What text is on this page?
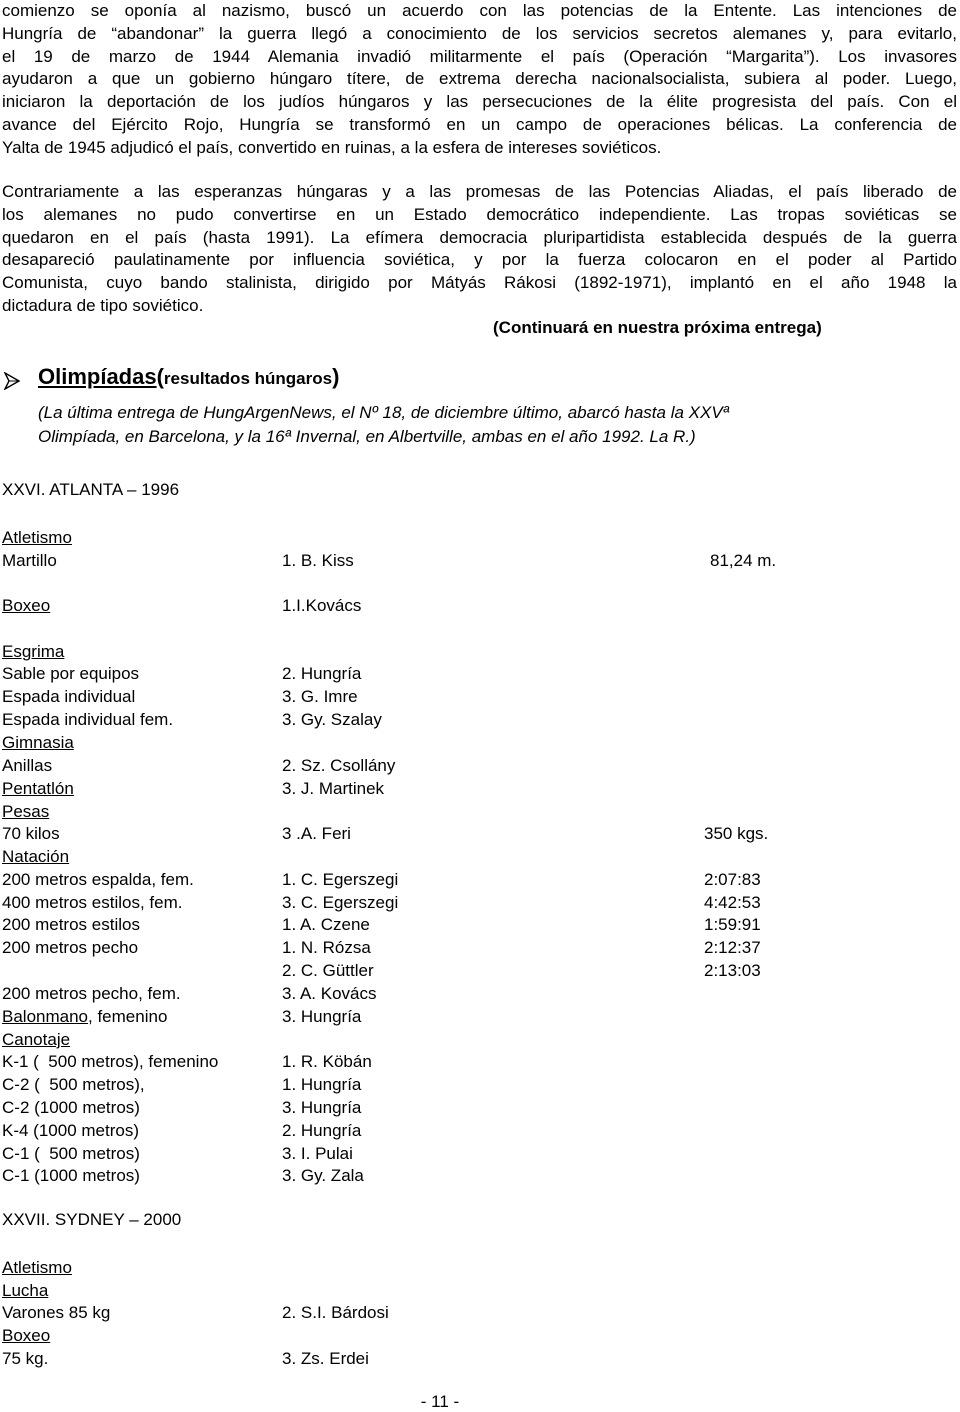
comienzo se oponía al nazismo, buscó un acuerdo con las potencias de la Entente. Las intenciones de
Hungría de “abandonar” la guerra llegó a conocimiento de los servicios secretos alemanes y, para evitarlo,
el 19 de marzo de 1944 Alemania invadió militarmente el país (Operación “Margarita”). Los invasores
ayudaron a que un gobierno húngaro títere, de extrema derecha nacionalsocialista, subiera al poder. Luego,
iniciaron la deportación de los judíos húngaros y las persecuciones de la élite progresista del país. Con el
avance del Ejército Rojo, Hungría se transformó en un campo de operaciones bélicas. La conferencia de
Yalta de 1945 adjudicó el país, convertido en ruinas, a la esfera de intereses soviéticos.
Contrariamente a las esperanzas húngaras y a las promesas de las Potencias Aliadas, el país liberado de
los alemanes no pudo convertirse en un Estado democrático independiente. Las tropas soviéticas se
quedaron en el país (hasta 1991). La efímera democracia pluripartidista establecida después de la guerra
desapareció paulatinamente por influencia soviética, y por la fuerza colocaron en el poder al Partido
Comunista, cuyo bando stalinista, dirigido por Mátyás Rákosi (1892-1971), implantó en el año 1948 la
dictadura de tipo soviético.
(Continuará en nuestra próxima entrega)
Olimpíadas(resultados húngaros)
(La última entrega de HungArgenNews, el Nº 18, de diciembre último, abarcó hasta la XXVª
Olimpíada, en Barcelona, y la 16ª Invernal, en Albertville, ambas en el año 1992. La R.)
XXVI. ATLANTA – 1996
Atletismo
Martillo	1. B. Kiss	81,24 m.
Boxeo	1.I.Kovács
Esgrima
Sable por equipos	2. Hungría
Espada individual	3. G. Imre
Espada individual fem.	3. Gy. Szalay
Gimnasia
Anillas	2. Sz. Csollány
Pentatlón	3. J. Martinek
Pesas
70 kilos	3 .A. Feri	350 kgs.
Natación
200 metros espalda, fem.	1. C. Egerszegi	2:07:83
400 metros estilos, fem.	3. C. Egerszegi	4:42:53
200 metros estilos	1. A. Czene	1:59:91
200 metros pecho	1. N. Rózsa	2:12:37
2. C. Güttler	2:13:03
200 metros pecho, fem.	3. A. Kovács
Balonmano, femenino	3. Hungría
Canotaje
K-1 (  500 metros), femenino	1. R. Köbán
C-2 (  500 metros),	1. Hungría
C-2 (1000 metros)	3. Hungría
K-4 (1000 metros)	2. Hungría
C-1 (  500 metros)	3. I. Pulai
C-1 (1000 metros)	3. Gy. Zala
XXVII. SYDNEY – 2000
Atletismo
Lucha
Varones 85 kg	2. S.I. Bárdosi
Boxeo
75 kg.	3. Zs. Erdei
- 11 -
